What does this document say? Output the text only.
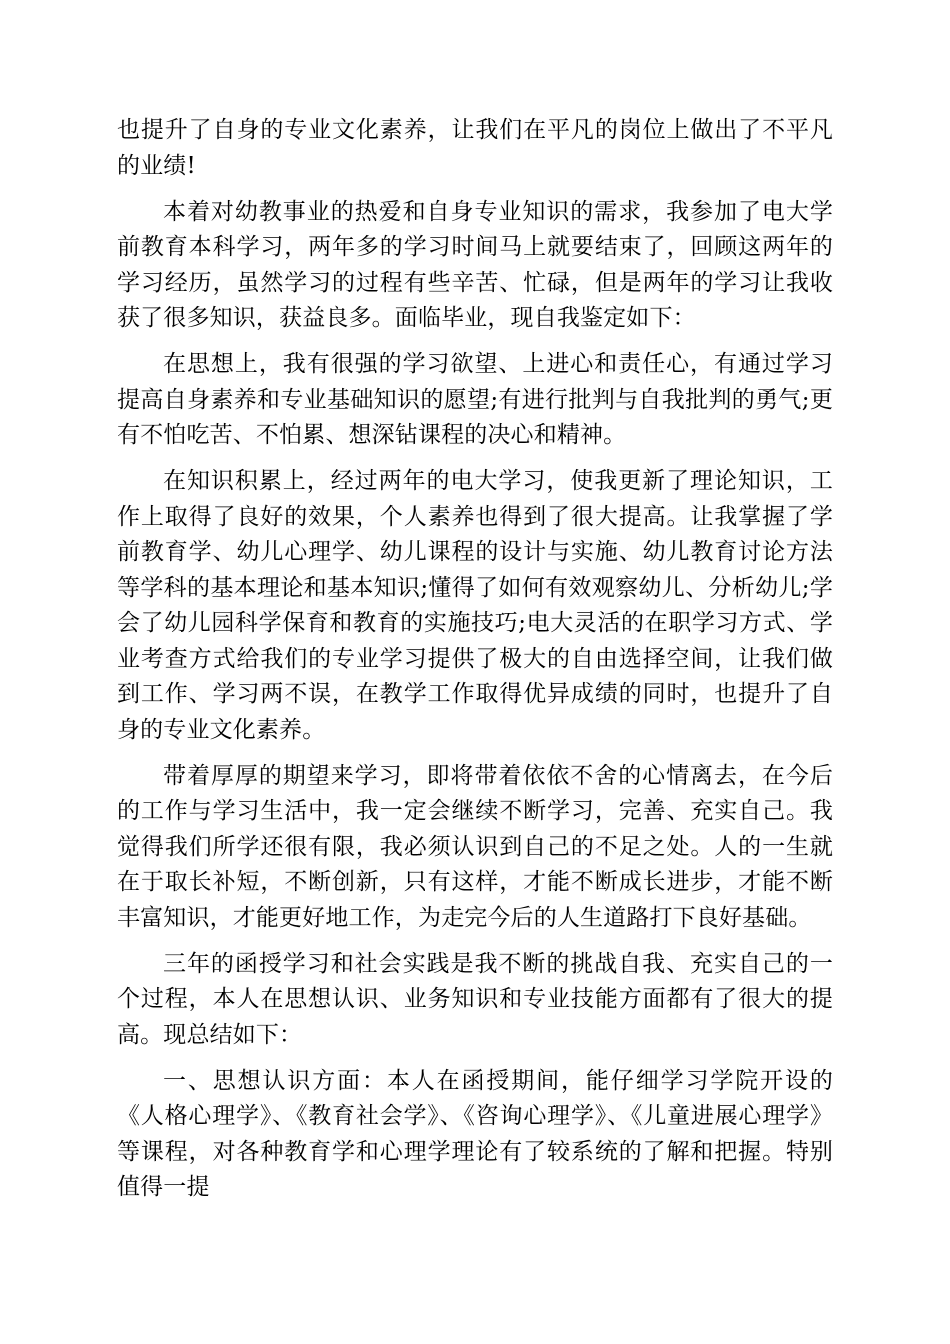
也提升了自身的专业文化素养，让我们在平凡的岗位上做出了不平凡的业绩!

本着对幼教事业的热爱和自身专业知识的需求，我参加了电大学前教育本科学习，两年多的学习时间马上就要结束了，回顾这两年的学习经历，虽然学习的过程有些辛苦、忙碌，但是两年的学习让我收获了很多知识，获益良多。面临毕业，现自我鉴定如下：

在思想上，我有很强的学习欲望、上进心和责任心，有通过学习提高自身素养和专业基础知识的愿望;有进行批判与自我批判的勇气;更有不怕吃苦、不怕累、想深钻课程的决心和精神。

在知识积累上，经过两年的电大学习，使我更新了理论知识，工作上取得了良好的效果，个人素养也得到了很大提高。让我掌握了学前教育学、幼儿心理学、幼儿课程的设计与实施、幼儿教育讨论方法等学科的基本理论和基本知识;懂得了如何有效观察幼儿、分析幼儿;学会了幼儿园科学保育和教育的实施技巧;电大灵活的在职学习方式、学业考查方式给我们的专业学习提供了极大的自由选择空间，让我们做到工作、学习两不误，在教学工作取得优异成绩的同时，也提升了自身的专业文化素养。

带着厚厚的期望来学习，即将带着依依不舍的心情离去，在今后的工作与学习生活中，我一定会继续不断学习，完善、充实自己。我觉得我们所学还很有限，我必须认识到自己的不足之处。人的一生就在于取长补短，不断创新，只有这样，才能不断成长进步，才能不断丰富知识，才能更好地工作，为走完今后的人生道路打下良好基础。

三年的函授学习和社会实践是我不断的挑战自我、充实自己的一个过程，本人在思想认识、业务知识和专业技能方面都有了很大的提高。现总结如下：

一、思想认识方面：本人在函授期间，能仔细学习学院开设的《人格心理学》、《教育社会学》、《咨询心理学》、《儿童进展心理学》等课程，对各种教育学和心理学理论有了较系统的了解和把握。特别值得一提
